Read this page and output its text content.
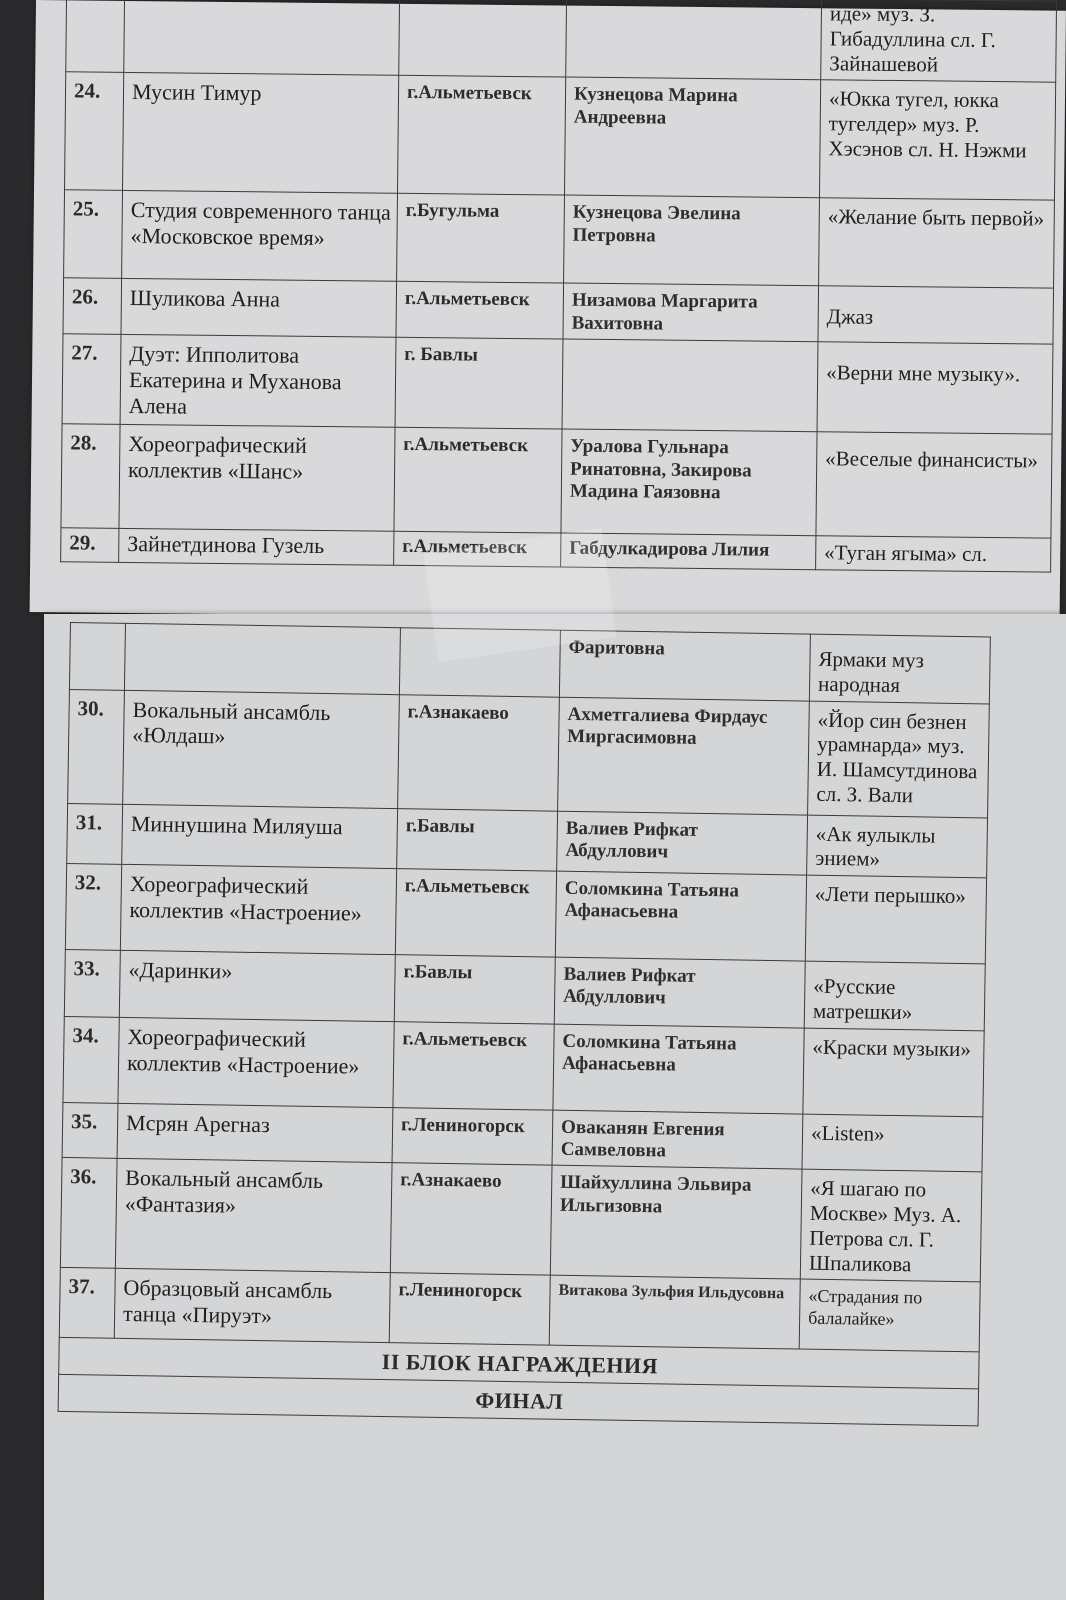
				иде» муз. З. Гибадуллина сл. Г. Зайнашевой
24.	Мусин Тимур	г.Альметьевск	Кузнецова Марина Андреевна	«Юкка тугел, юкка тугелдер» муз. Р. Хэсэнов сл. Н. Нэжми
25.	Студия современного танца «Московское время»	г.Бугульма	Кузнецова Эвелина Петровна	«Желание быть первой»
26.	Шуликова Анна	г.Альметьевск	Низамова Маргарита Вахитовна	Джаз
27.	Дуэт: Ипполитова Екатерина и Муханова Алена	г. Бавлы		«Верни мне музыку».
28.	Хореографический коллектив «Шанс»	г.Альметьевск	Уралова Гульнара Ринатовна, Закирова Мадина Гаязовна	«Веселые финансисты»
29.	Зайнетдинова Гузель	г.Альметьевск	Габдулкадирова Лилия	«Туган ягыма» сл.
			Фаритовна	Ярмаки муз народная
30.	Вокальный ансамбль «Юлдаш»	г.Азнакаево	Ахметгалиева Фирдаус Миргасимовна	«Йор син безнен урамнарда» муз. И. Шамсутдинова сл. З. Вали
31.	Миннушина Миляуша	г.Бавлы	Валиев Рифкат Абдуллович	«Ак яулыклы энием»
32.	Хореографический коллектив «Настроение»	г.Альметьевск	Соломкина Татьяна Афанасьевна	«Лети перышко»
33.	«Даринки»	г.Бавлы	Валиев Рифкат Абдуллович	«Русские матрешки»
34.	Хореографический коллектив «Настроение»	г.Альметьевск	Соломкина Татьяна Афанасьевна	«Краски музыки»
35.	Мсрян Арегназ	г.Лениногорск	Оваканян Евгения Самвеловна	«Listen»
36.	Вокальный ансамбль «Фантазия»	г.Азнакаево	Шайхуллина Эльвира Ильгизовна	«Я шагаю по Москве» Муз. А. Петрова сл. Г. Шпаликова
37.	Образцовый ансамбль танца «Пируэт»	г.Лениногорск	Витакова Зульфия Ильдусовна	«Страдания по балалайке»
II БЛОК НАГРАЖДЕНИЯ				
ФИНАЛ				
